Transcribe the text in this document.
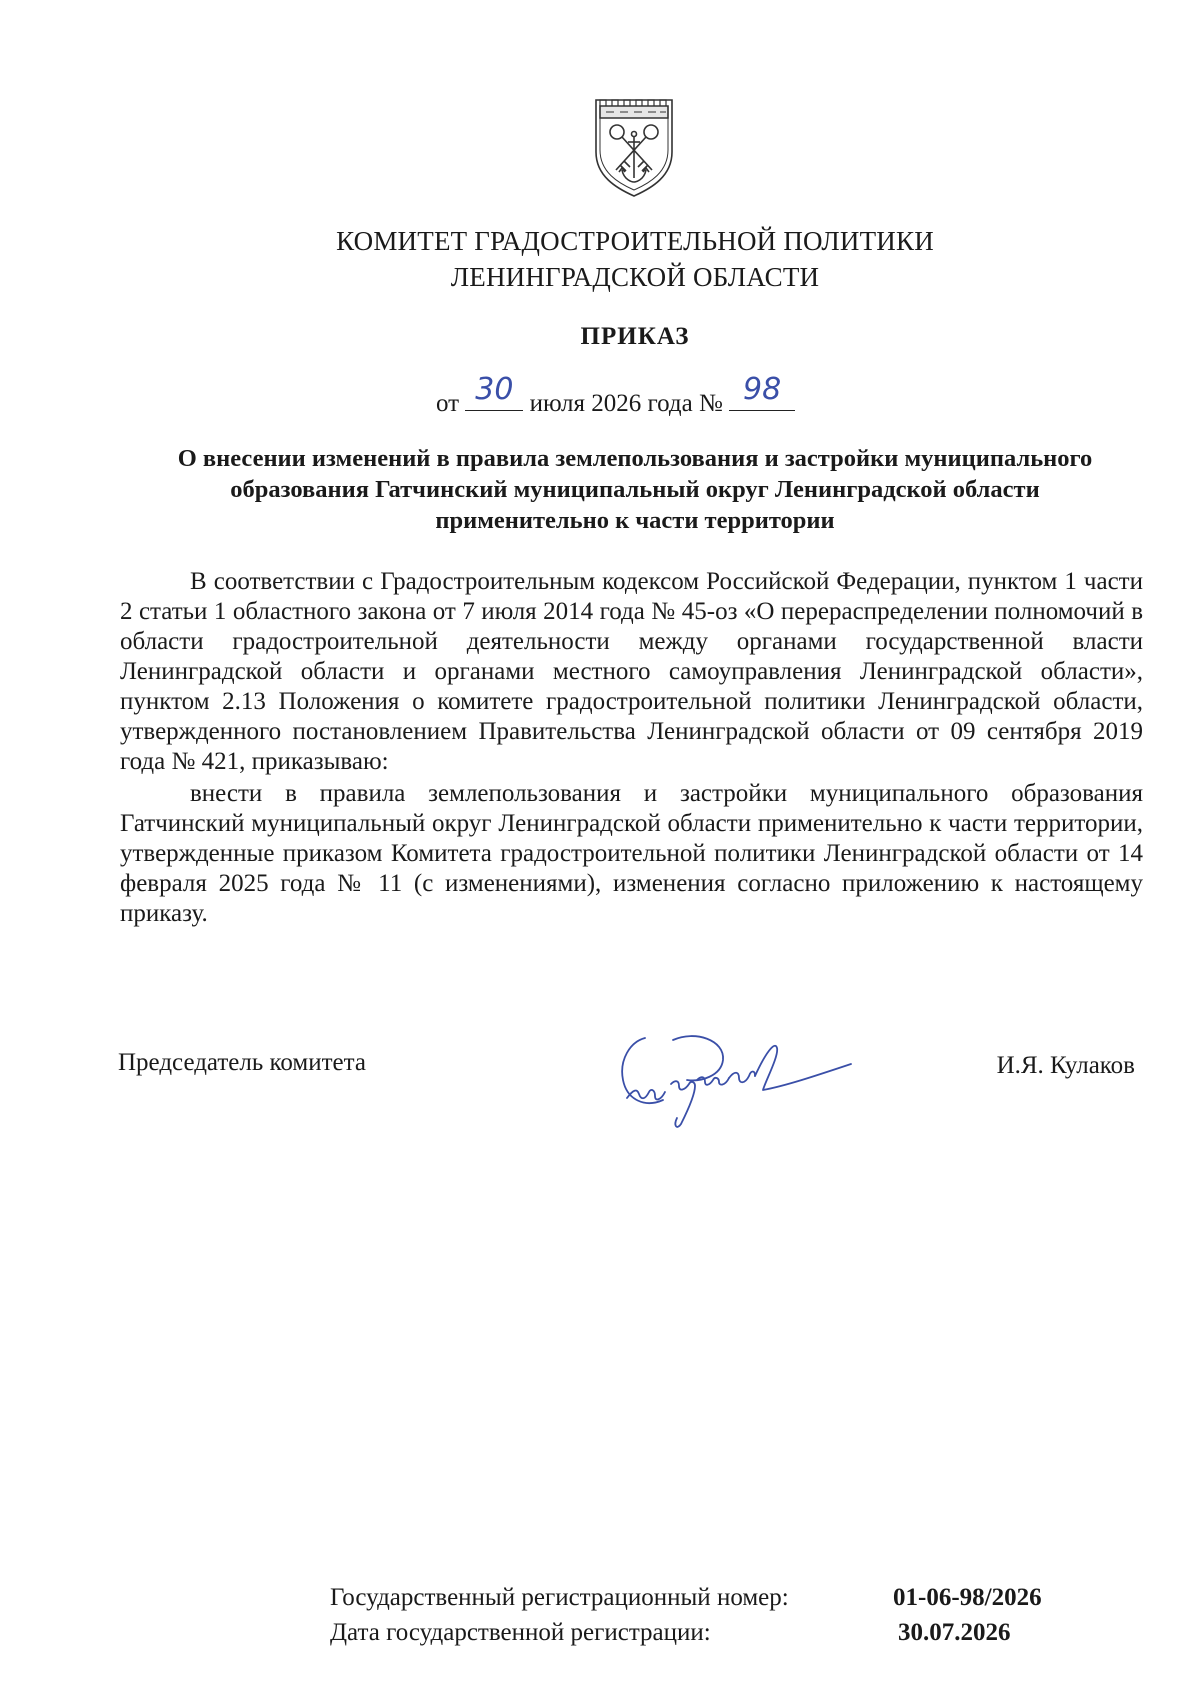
КОМИТЕТ ГРАДОСТРОИТЕЛЬНОЙ ПОЛИТИКИ
ЛЕНИНГРАДСКОЙ ОБЛАСТИ
ПРИКАЗ
от 30 июля 2026 года № 98
О внесении изменений в правила землепользования и застройки муниципального образования Гатчинский муниципальный округ Ленинградской области применительно к части территории

В соответствии с Градостроительным кодексом Российской Федерации, пунктом 1 части 2 статьи 1 областного закона от 7 июля 2014 года № 45-оз «О перераспределении полномочий в области градостроительной деятельности между органами государственной власти Ленинградской области и органами местного самоуправления Ленинградской области», пунктом 2.13 Положения о комитете градостроительной политики Ленинградской области, утвержденного постановлением Правительства Ленинградской области от 09 сентября 2019 года № 421, приказываю:

внести в правила землепользования и застройки муниципального образования Гатчинский муниципальный округ Ленинградской области применительно к части территории, утвержденные приказом Комитета градостроительной политики Ленинградской области от 14 февраля 2025 года № 11 (с изменениями), изменения согласно приложению к настоящему приказу.

Председатель комитета	И.Я. Кулаков
Государственный регистрационный номер:	01-06-98/2026
Дата государственной регистрации:	30.07.2026
